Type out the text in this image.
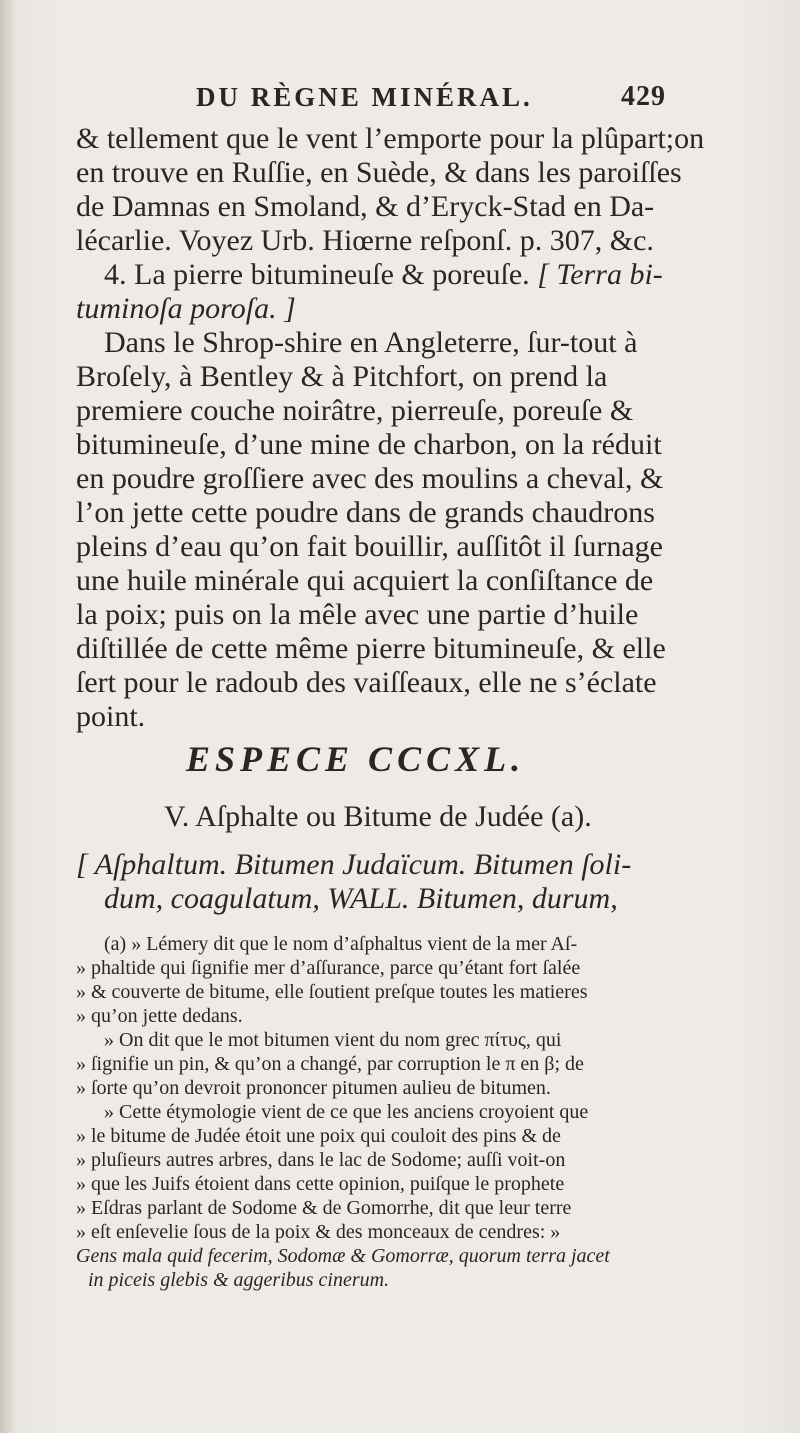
DU RÈGNE MINÉRAL.	429
& tellement que le vent l’emporte pour la plûpart;on
en trouve en Ruſſie, en Suède, & dans les paroiſſes
de Damnas en Smoland, & d’Eryck-Stad en Da-
lécarlie. Voyez Urb. Hiœrne reſponſ. p. 307, &c.
4. La pierre bitumineuſe & poreuſe. [ Terra bi-
tuminoſa poroſa. ]
Dans le Shrop-shire en Angleterre, ſur-tout à
Broſely, à Bentley & à Pitchfort, on prend la
premiere couche noirâtre, pierreuſe, poreuſe &
bitumineuſe, d’une mine de charbon, on la réduit
en poudre groſſiere avec des moulins a cheval, &
l’on jette cette poudre dans de grands chaudrons
pleins d’eau qu’on fait bouillir, auſſitôt il ſurnage
une huile minérale qui acquiert la conſiſtance de
la poix; puis on la mêle avec une partie d’huile
diſtillée de cette même pierre bitumineuſe, & elle
ſert pour le radoub des vaiſſeaux, elle ne s’éclate
point.
ESPECE CCCXL.
V. Aſphalte ou Bitume de Judée (a).
[ Aſphaltum. Bitumen Judaïcum. Bitumen ſoli-
dum, coagulatum, WALL. Bitumen, durum,
(a) » Lémery dit que le nom d’aſphaltus vient de la mer Aſ-
» phaltide qui ſignifie mer d’aſſurance, parce qu’étant fort ſalée
» & couverte de bitume, elle ſoutient preſque toutes les matieres
» qu’on jette dedans.
» On dit que le mot bitumen vient du nom grec πίτυς, qui
» ſignifie un pin, & qu’on a changé, par corruption le π en β; de
» ſorte qu’on devroit prononcer pitumen aulieu de bitumen.
» Cette étymologie vient de ce que les anciens croyoient que
» le bitume de Judée étoit une poix qui couloit des pins & de
» pluſieurs autres arbres, dans le lac de Sodome; auſſi voit-on
» que les Juifs étoient dans cette opinion, puiſque le prophete
» Eſdras parlant de Sodome & de Gomorrhe, dit que leur terre
» eſt enſevelie ſous de la poix & des monceaux de cendres: »
Gens mala quid fecerim, Sodomæ & Gomorræ, quorum terra jacet
in piceis glebis & aggeribus cinerum.
